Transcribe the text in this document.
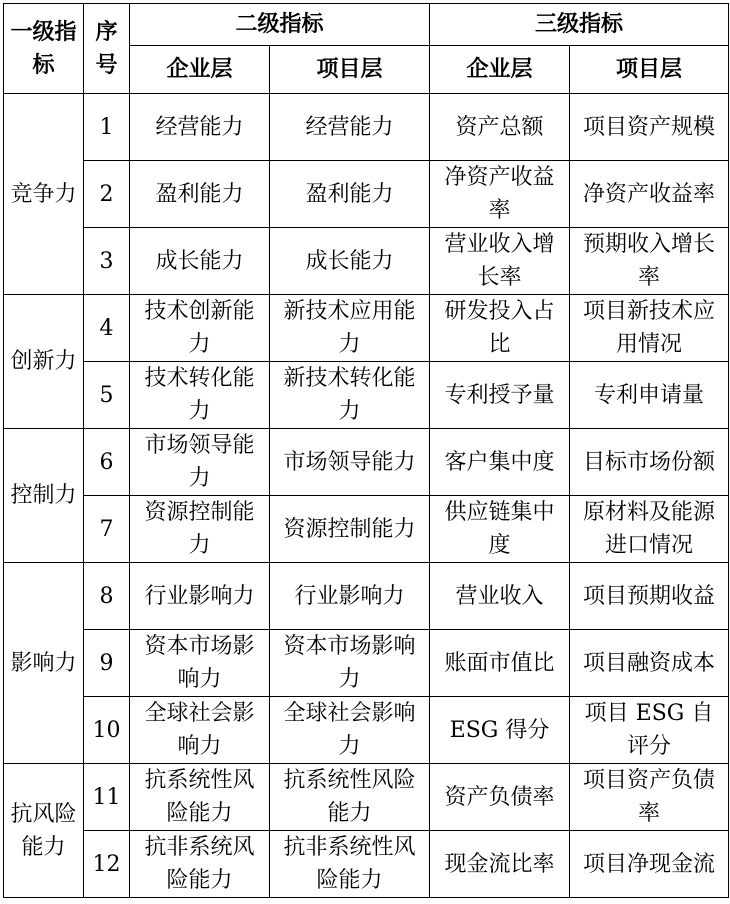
一级指标	序号	二级指标		三级指标	
		企业层	项目层	企业层	项目层
竞争力	1	经营能力	经营能力	资产总额	项目资产规模
	2	盈利能力	盈利能力	净资产收益率	净资产收益率
	3	成长能力	成长能力	营业收入增长率	预期收入增长率
创新力	4	技术创新能力	新技术应用能力	研发投入占比	项目新技术应用情况
	5	技术转化能力	新技术转化能力	专利授予量	专利申请量
控制力	6	市场领导能力	市场领导能力	客户集中度	目标市场份额
	7	资源控制能力	资源控制能力	供应链集中度	原材料及能源进口情况
影响力	8	行业影响力	行业影响力	营业收入	项目预期收益
	9	资本市场影响力	资本市场影响力	账面市值比	项目融资成本
	10	全球社会影响力	全球社会影响力	ESG 得分	项目 ESG 自评分
抗风险能力	11	抗系统性风险能力	抗系统性风险能力	资产负债率	项目资产负债率
	12	抗非系统风险能力	抗非系统性风险能力	现金流比率	项目净现金流
